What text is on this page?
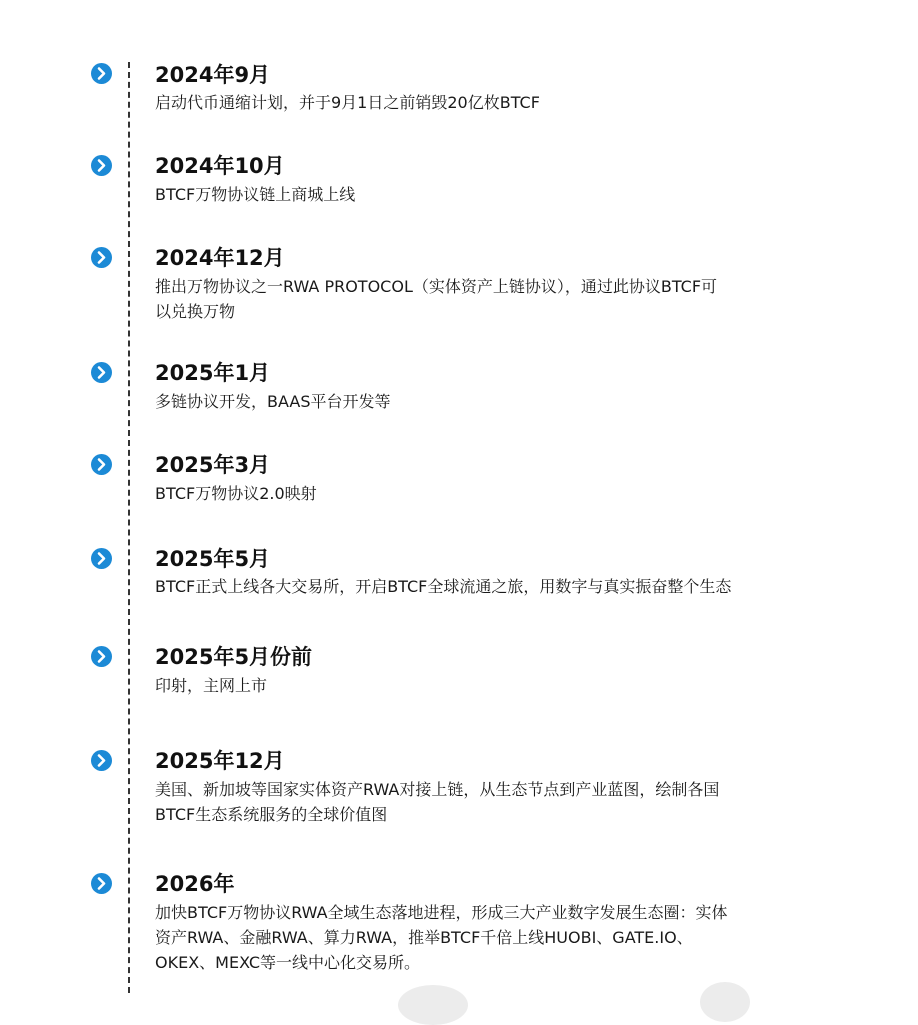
2024年9月
启动代币通缩计划，并于9月1日之前销毁20亿枚BTCF
2024年10月
BTCF万物协议链上商城上线
2024年12月
推出万物协议之一RWA PROTOCOL（实体资产上链协议），通过此协议BTCF可
以兑换万物
2025年1月
多链协议开发，BAAS平台开发等
2025年3月
BTCF万物协议2.0映射
2025年5月
BTCF正式上线各大交易所，开启BTCF全球流通之旅，用数字与真实振奋整个生态
2025年5月份前
印射，主网上市
2025年12月
美国、新加坡等国家实体资产RWA对接上链，从生态节点到产业蓝图，绘制各国
BTCF生态系统服务的全球价值图
2026年
加快BTCF万物协议RWA全域生态落地进程，形成三大产业数字发展生态圈：实体
资产RWA、金融RWA、算力RWA，推举BTCF千倍上线HUOBI、GATE.IO、
OKEX、MEXC等一线中心化交易所。
